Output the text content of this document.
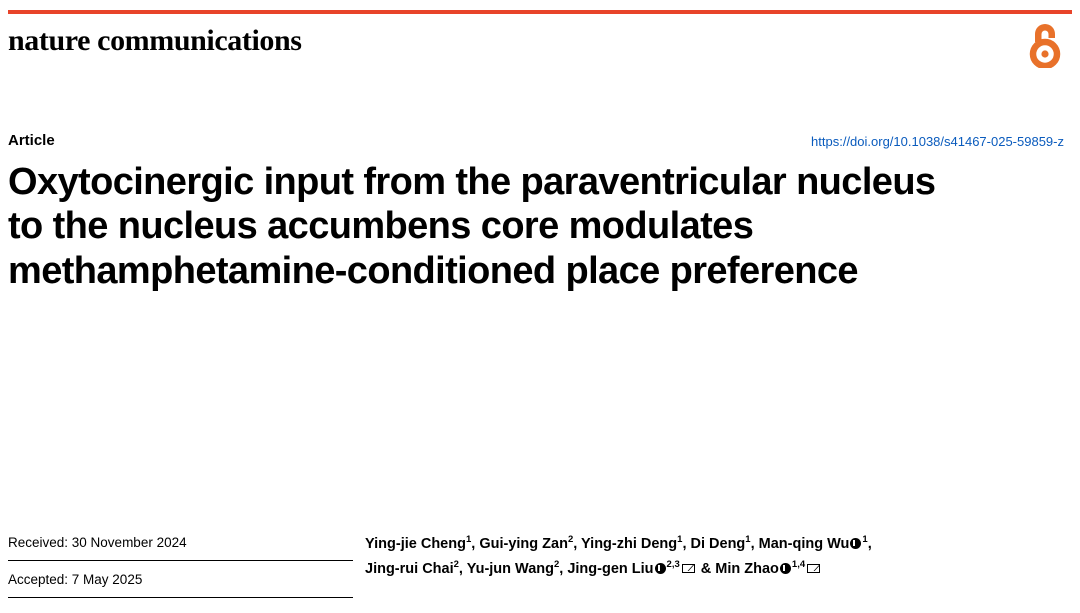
nature communications
Article	https://doi.org/10.1038/s41467-025-59859-z
Oxytocinergic input from the paraventricular nucleus to the nucleus accumbens core modulates methamphetamine-conditioned place preference
Received: 30 November 2024
Accepted: 7 May 2025
Ying-jie Cheng$^1$, Gui-ying Zan$^2$, Ying-zhi Deng$^1$, Di Deng$^1$, Man-qing Wu $^1$,
Jing-rui Chai$^2$, Yu-jun Wang$^2$, Jing-gen Liu $^{2,3}$ & Min Zhao $^{1,4}$
